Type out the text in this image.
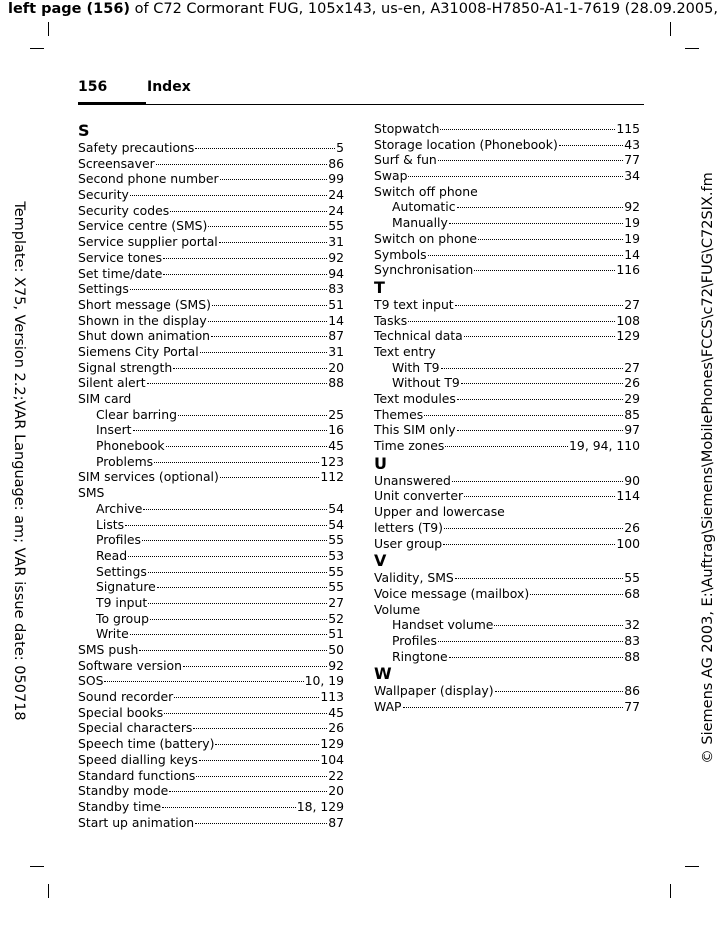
left page (156) of C72 Cormorant FUG, 105x143, us-en, A31008-H7850-A1-1-7619 (28.09.2005,
Template: X75, Version 2.2;VAR Language: am; VAR issue date: 050718	© Siemens AG 2003, E:\Auftrag\Siemens\MobilePhones\FCCS\c72\FUG\C72SIX.fm
156	Index
S
Safety precautions	5
Screensaver	86
Second phone number	99
Security	24
Security codes	24
Service centre (SMS)	55
Service supplier portal	31
Service tones	92
Set time/date	94
Settings	83
Short message (SMS)	51
Shown in the display	14
Shut down animation	87
Siemens City Portal	31
Signal strength	20
Silent alert	88
SIM card
Clear barring	25
Insert	16
Phonebook	45
Problems	123
SIM services (optional)	112
SMS
Archive	54
Lists	54
Profiles	55
Read	53
Settings	55
Signature	55
T9 input	27
To group	52
Write	51
SMS push	50
Software version	92
SOS	10, 19
Sound recorder	113
Special books	45
Special characters	26
Speech time (battery)	129
Speed dialling keys	104
Standard functions	22
Standby mode	20
Standby time	18, 129
Start up animation	87
Stopwatch	115
Storage location (Phonebook)	43
Surf & fun	77
Swap	34
Switch off phone
Automatic	92
Manually	19
Switch on phone	19
Symbols	14
Synchronisation	116
T
T9 text input	27
Tasks	108
Technical data	129
Text entry
With T9	27
Without T9	26
Text modules	29
Themes	85
This SIM only	97
Time zones	19, 94, 110
U
Unanswered	90
Unit converter	114
Upper and lowercase
letters (T9)	26
User group	100
V
Validity, SMS	55
Voice message (mailbox)	68
Volume
Handset volume	32
Profiles	83
Ringtone	88
W
Wallpaper (display)	86
WAP	77
